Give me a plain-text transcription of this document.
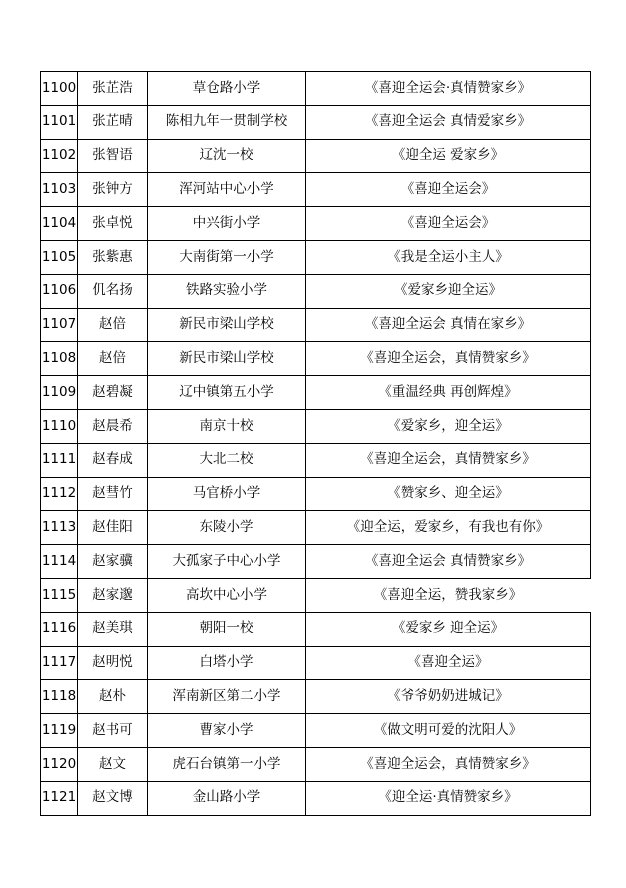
1100	张芷浩	草仓路小学	《喜迎全运会·真情赞家乡》
1101	张芷晴	陈相九年一贯制学校	《喜迎全运会 真情爱家乡》
1102	张智语	辽沈一校	《迎全运 爱家乡》
1103	张钟方	浑河站中心小学	《喜迎全运会》
1104	张卓悦	中兴街小学	《喜迎全运会》
1105	张紫惠	大南街第一小学	《我是全运小主人》
1106	仉名扬	铁路实验小学	《爱家乡迎全运》
1107	赵倍	新民市梁山学校	《喜迎全运会 真情在家乡》
1108	赵倍	新民市梁山学校	《喜迎全运会，真情赞家乡》
1109	赵碧凝	辽中镇第五小学	《重温经典 再创辉煌》
1110	赵晨希	南京十校	《爱家乡，迎全运》
1111	赵春成	大北二校	《喜迎全运会，真情赞家乡》
1112	赵彗竹	马官桥小学	《赞家乡、迎全运》
1113	赵佳阳	东陵小学	《迎全运，爱家乡，有我也有你》
1114	赵家骥	大孤家子中心小学	《喜迎全运会 真情赞家乡》
1115	赵家邈	高坎中心小学	《喜迎全运，赞我家乡》
1116	赵美琪	朝阳一校	《爱家乡 迎全运》
1117	赵明悦	白塔小学	《喜迎全运》
1118	赵朴	浑南新区第二小学	《爷爷奶奶进城记》
1119	赵书可	曹家小学	《做文明可爱的沈阳人》
1120	赵文	虎石台镇第一小学	《喜迎全运会，真情赞家乡》
1121	赵文博	金山路小学	《迎全运·真情赞家乡》
